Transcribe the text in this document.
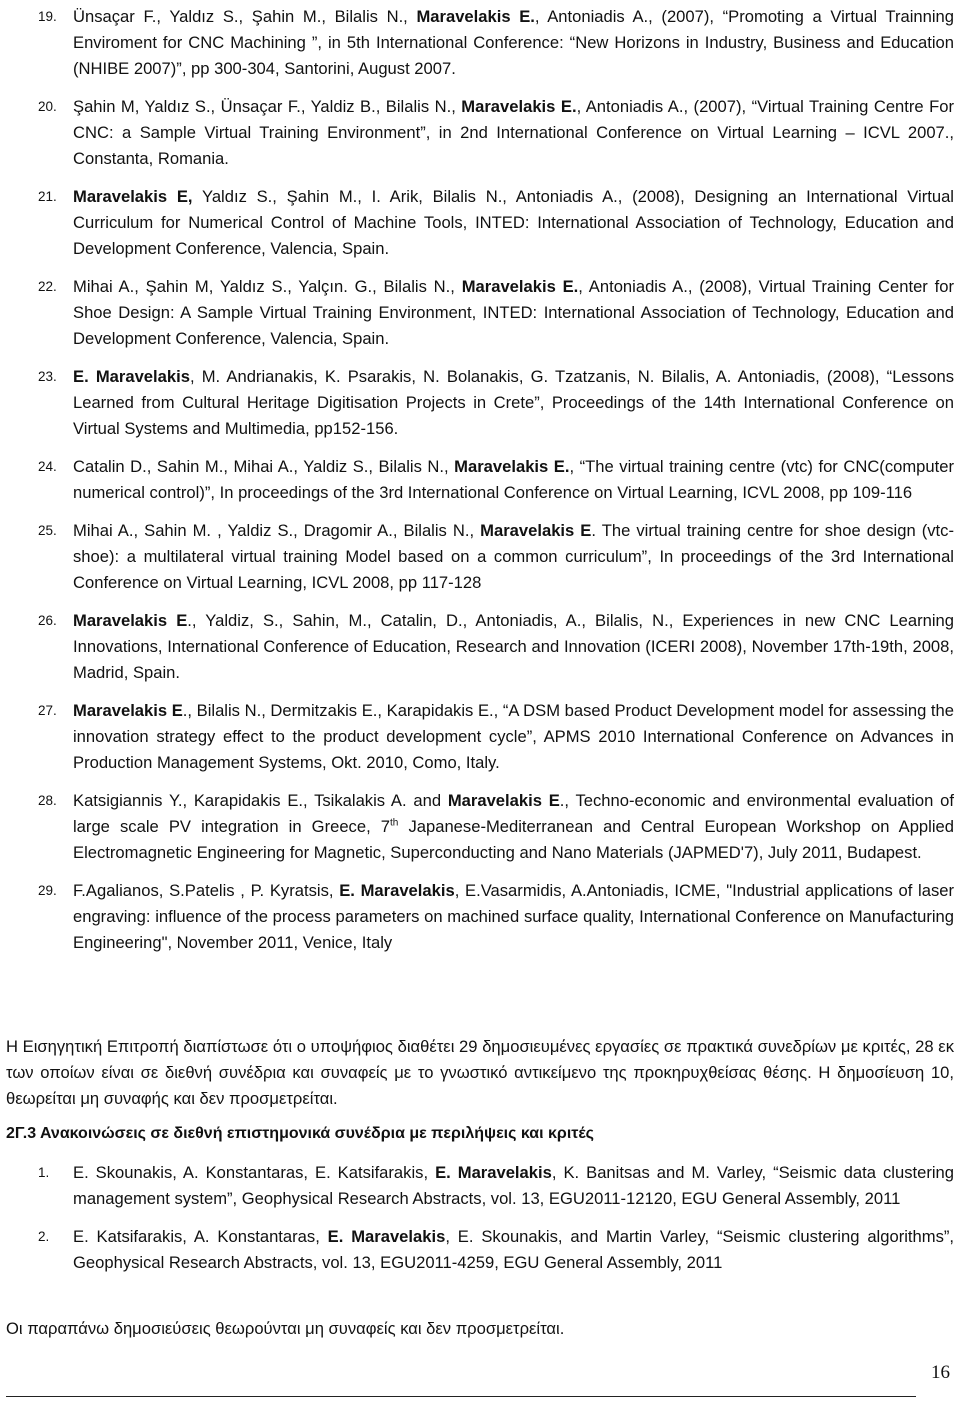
19. Ünsaçar F., Yaldız S., Şahin M., Bilalis N., Maravelakis E., Antoniadis A., (2007), “Promoting a Virtual Trainning Enviroment for CNC Machining ”, in 5th International Conference: “New Horizons in Industry, Business and Education (NHIBE 2007)”, pp 300-304, Santorini, August 2007.
20. Şahin M, Yaldız S., Ünsaçar F., Yaldiz B., Bilalis N., Maravelakis E., Antoniadis A., (2007), “Virtual Training Centre For CNC: a Sample Virtual Training Environment”, in 2nd International Conference on Virtual Learning – ICVL 2007., Constanta, Romania.
21. Maravelakis E, Yaldız S., Şahin M., I. Arik, Bilalis N., Antoniadis A., (2008), Designing an International Virtual Curriculum for Numerical Control of Machine Tools, INTED: International Association of Technology, Education and Development Conference, Valencia, Spain.
22. Mihai A., Şahin M, Yaldız S., Yalçın. G., Bilalis N., Maravelakis E., Antoniadis A., (2008), Virtual Training Center for Shoe Design: A Sample Virtual Training Environment, INTED: International Association of Technology, Education and Development Conference, Valencia, Spain.
23. E. Maravelakis, M. Andrianakis, K. Psarakis, N. Bolanakis, G. Tzatzanis, N. Bilalis, A. Antoniadis, (2008), “Lessons Learned from Cultural Heritage Digitisation Projects in Crete”, Proceedings of the 14th International Conference on Virtual Systems and Multimedia, pp152-156.
24. Catalin D., Sahin M., Mihai A., Yaldiz S., Bilalis N., Maravelakis E., “The virtual training centre (vtc) for CNC(computer numerical control)”, In proceedings of the 3rd International Conference on Virtual Learning, ICVL 2008, pp 109-116
25. Mihai A., Sahin M. , Yaldiz S., Dragomir A., Bilalis N., Maravelakis E. The virtual training centre for shoe design (vtc-shoe): a multilateral virtual training Model based on a common curriculum”, In proceedings of the 3rd International Conference on Virtual Learning, ICVL 2008, pp 117-128
26. Maravelakis E., Yaldiz, S., Sahin, M., Catalin, D., Antoniadis, A., Bilalis, N., Experiences in new CNC Learning Innovations, International Conference of Education, Research and Innovation (ICERI 2008), November 17th-19th, 2008, Madrid, Spain.
27. Maravelakis E., Bilalis N., Dermitzakis E., Karapidakis E., “A DSM based Product Development model for assessing the innovation strategy effect to the product development cycle”, APMS 2010 International Conference on Advances in Production Management Systems, Okt. 2010, Como, Italy.
28. Katsigiannis Y., Karapidakis E., Tsikalakis A. and Maravelakis E., Techno-economic and environmental evaluation of large scale PV integration in Greece, 7th Japanese-Mediterranean and Central European Workshop on Applied Electromagnetic Engineering for Magnetic, Superconducting and Nano Materials (JAPMED'7), July 2011, Budapest.
29. F.Agalianos, S.Patelis , P. Kyratsis, E. Maravelakis, E.Vasarmidis, A.Antoniadis, ICME, "Industrial applications of laser engraving: influence of the process parameters on machined surface quality, International Conference on Manufacturing Engineering", November 2011, Venice, Italy

Η Εισηγητική Επιτροπή διαπίστωσε ότι ο υποψήφιος διαθέτει 29 δημοσιευμένες εργασίες σε πρακτικά συνεδρίων με κριτές, 28 εκ των οποίων είναι σε διεθνή συνέδρια και συναφείς με το γνωστικό αντικείμενο της προκηρυχθείσας θέσης. Η δημοσίευση 10, θεωρείται μη συναφής και δεν προσμετρείται.

2Γ.3 Ανακοινώσεις σε διεθνή επιστημονικά συνέδρια με περιλήψεις και κριτές
1. E. Skounakis, A. Konstantaras, E. Katsifarakis, E. Maravelakis, K. Banitsas and M. Varley, “Seismic data clustering management system”, Geophysical Research Abstracts, vol. 13, EGU2011-12120, EGU General Assembly, 2011
2. E. Katsifarakis, A. Konstantaras, E. Maravelakis, E. Skounakis, and Martin Varley, “Seismic clustering algorithms”, Geophysical Research Abstracts, vol. 13, EGU2011-4259, EGU General Assembly, 2011

Οι παραπάνω δημοσιεύσεις θεωρούνται μη συναφείς και δεν προσμετρείται.

16
